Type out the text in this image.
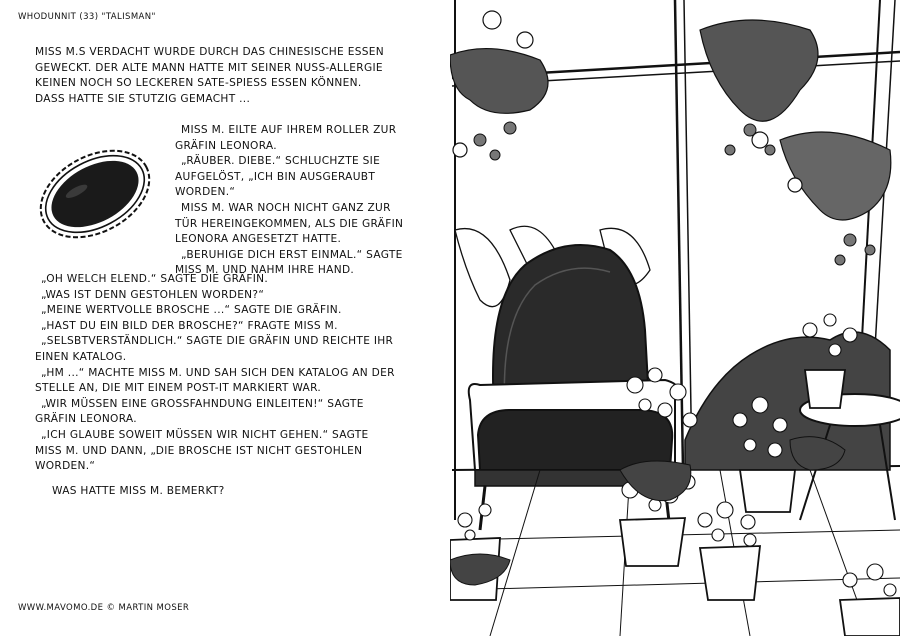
WHODUNNIT (33) "TALISMAN"

MISS M.S VERDACHT WURDE DURCH DAS CHINESISCHE ESSEN

GEWECKT. DER ALTE MANN HATTE MIT SEINER NUSS-ALLERGIE

KEINEN NOCH SO LECKEREN SATE-SPIESS ESSEN KÖNNEN.

DASS HATTE SIE STUTZIG GEMACHT ...

MISS M. EILTE AUF IHREM ROLLER ZUR

GRÄFIN LEONORA.

„RÄUBER. DIEBE.“ SCHLUCHZTE SIE

AUFGELÖST, „ICH BIN AUSGERAUBT

WORDEN.“

MISS M. WAR NOCH NICHT GANZ ZUR

TÜR HEREINGEKOMMEN, ALS DIE GRÄFIN

LEONORA ANGESETZT HATTE.

„BERUHIGE DICH ERST EINMAL.“ SAGTE

MISS M. UND NAHM IHRE HAND.

„OH WELCH ELEND.“ SAGTE DIE GRÄFIN.

„WAS IST DENN GESTOHLEN WORDEN?“

„MEINE WERTVOLLE BROSCHE ...“ SAGTE DIE GRÄFIN.

„HAST DU EIN BILD DER BROSCHE?“ FRAGTE MISS M.

„SELSBTVERSTÄNDLICH.“ SAGTE DIE GRÄFIN UND REICHTE IHR

EINEN KATALOG.

„HM ...“ MACHTE MISS M. UND SAH SICH DEN KATALOG AN DER

STELLE AN, DIE MIT EINEM POST-IT MARKIERT WAR.

„WIR MÜSSEN EINE GROSSFAHNDUNG EINLEITEN!“ SAGTE

GRÄFIN LEONORA.

„ICH GLAUBE SOWEIT MÜSSEN WIR NICHT GEHEN.“ SAGTE

MISS M. UND DANN, „DIE BROSCHE IST NICHT GESTOHLEN

WORDEN.“

WAS HATTE MISS M. BEMERKT?
WWW.MAVOMO.DE © MARTIN MOSER
